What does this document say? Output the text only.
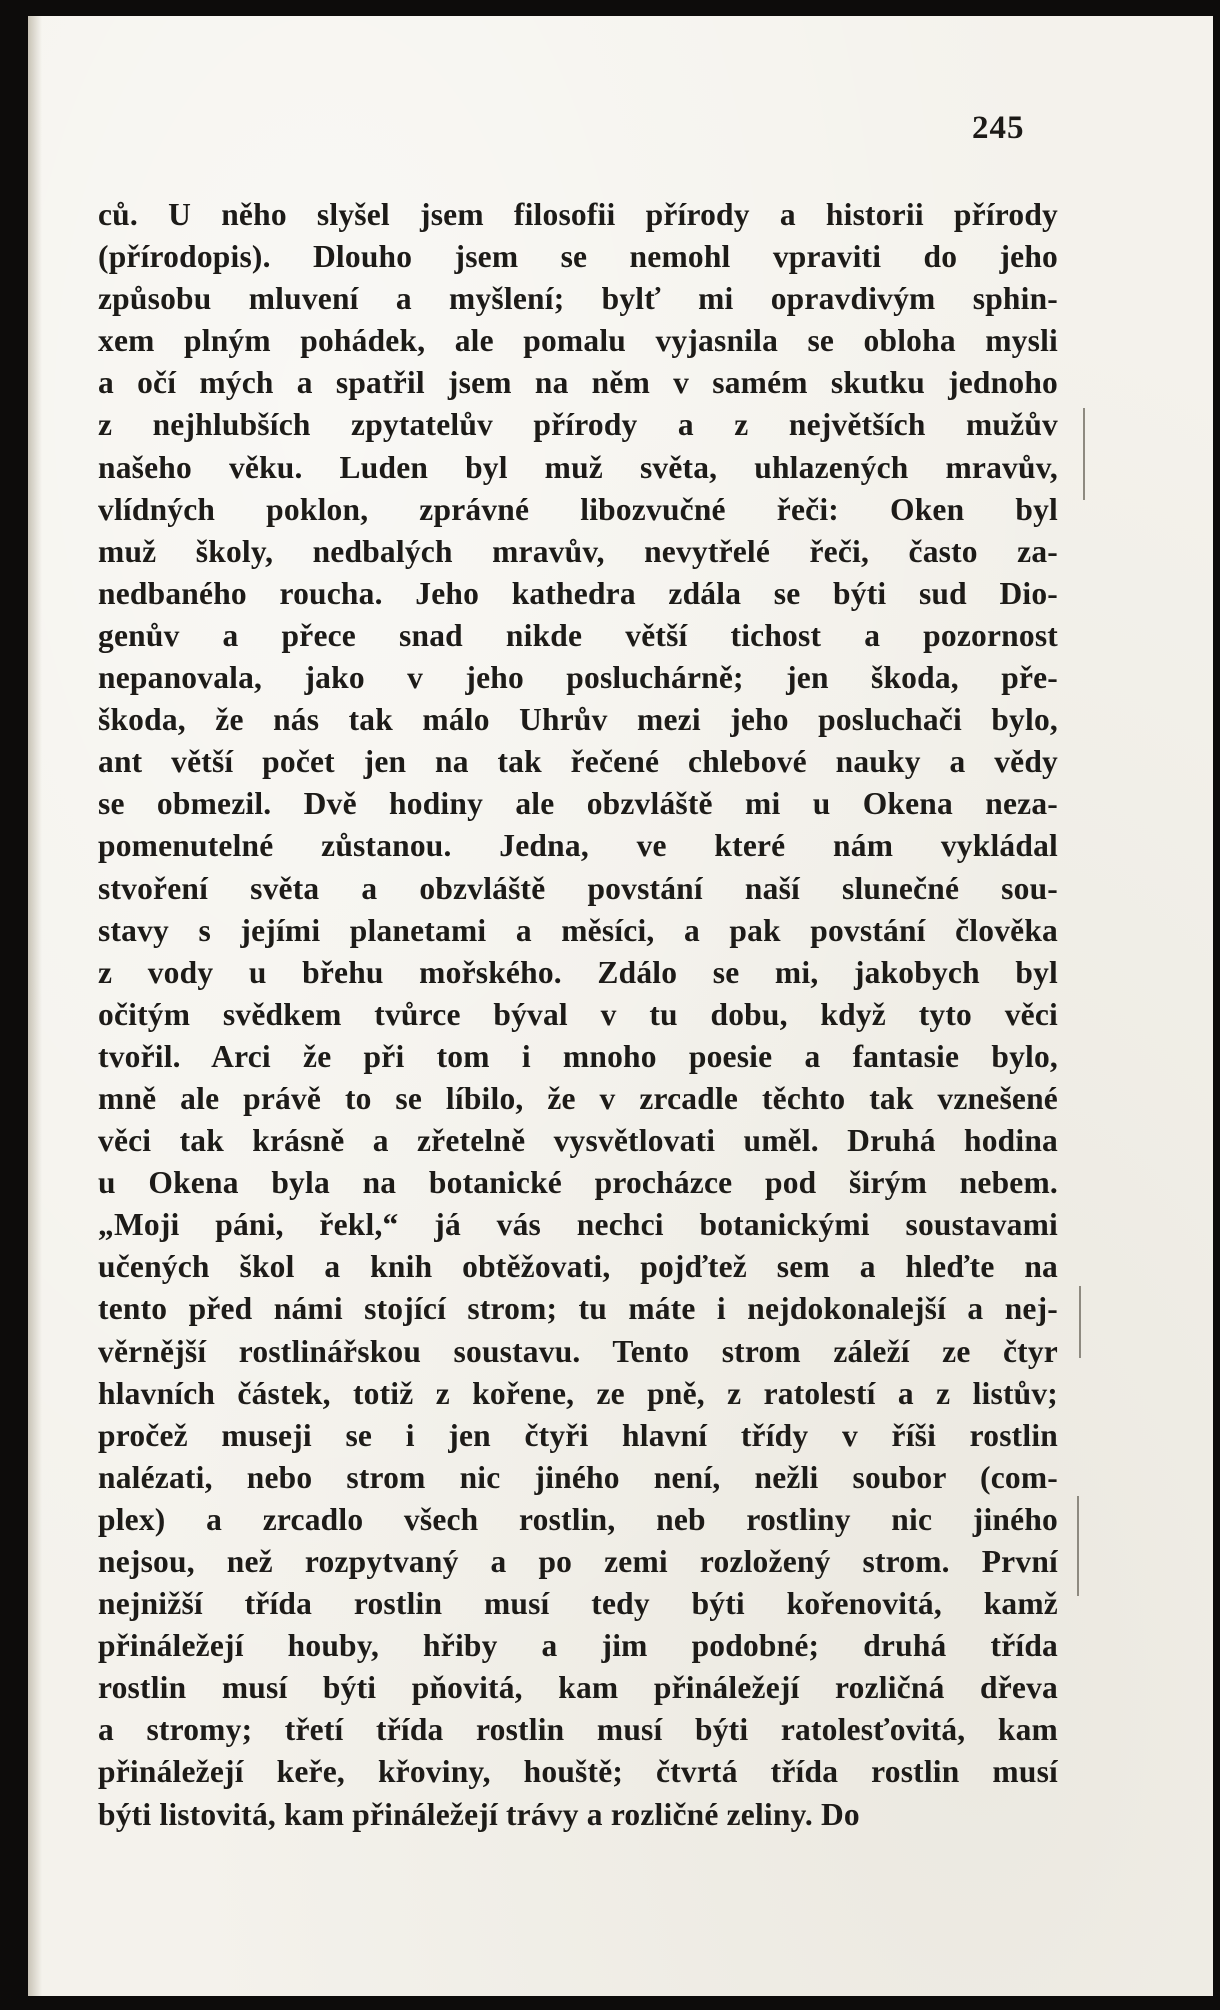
245
ců. U něho slyšel jsem filosofii přírody a historii přírody
(přírodopis). Dlouho jsem se nemohl vpraviti do jeho
způsobu mluvení a myšlení; bylť mi opravdivým sphin-
xem plným pohádek, ale pomalu vyjasnila se obloha mysli
a očí mých a spatřil jsem na něm v samém skutku jednoho
z nejhlubších zpytatelův přírody a z největších mužův
našeho věku. Luden byl muž světa, uhlazených mravův,
vlídných poklon, zprávné libozvučné řeči: Oken byl
muž školy, nedbalých mravův, nevytřelé řeči, často za-
nedbaného roucha. Jeho kathedra zdála se býti sud Dio-
genův a přece snad nikde větší tichost a pozornost
nepanovala, jako v jeho posluchárně; jen škoda, pře-
škoda, že nás tak málo Uhrův mezi jeho posluchači bylo,
ant větší počet jen na tak řečené chlebové nauky a vědy
se obmezil. Dvě hodiny ale obzvláště mi u Okena neza-
pomenutelné zůstanou. Jedna, ve které nám vykládal
stvoření světa a obzvláště povstání naší slunečné sou-
stavy s jejími planetami a měsíci, a pak povstání člověka
z vody u břehu mořského. Zdálo se mi, jakobych byl
očitým svědkem tvůrce býval v tu dobu, když tyto věci
tvořil. Arci že při tom i mnoho poesie a fantasie bylo,
mně ale právě to se líbilo, že v zrcadle těchto tak vznešené
věci tak krásně a zřetelně vysvětlovati uměl. Druhá hodina
u Okena byla na botanické procházce pod širým nebem.
„Moji páni, řekl,“ já vás nechci botanickými soustavami
učených škol a knih obtěžovati, pojďtež sem a hleďte na
tento před námi stojící strom; tu máte i nejdokonalejší a nej-
věrnější rostlinářskou soustavu. Tento strom záleží ze čtyr
hlavních částek, totiž z kořene, ze pně, z ratolestí a z listův;
pročež museji se i jen čtyři hlavní třídy v říši rostlin
nalézati, nebo strom nic jiného není, nežli soubor (com-
plex) a zrcadlo všech rostlin, neb rostliny nic jiného
nejsou, než rozpytvaný a po zemi rozložený strom. První
nejnižší třída rostlin musí tedy býti kořenovitá, kamž
přináležejí houby, hřiby a jim podobné; druhá třída
rostlin musí býti pňovitá, kam přináležejí rozličná dřeva
a stromy; třetí třída rostlin musí býti ratolesťovitá, kam
přináležejí keře, křoviny, houště; čtvrtá třída rostlin musí
býti listovitá, kam přináležejí trávy a rozličné zeliny. Do
